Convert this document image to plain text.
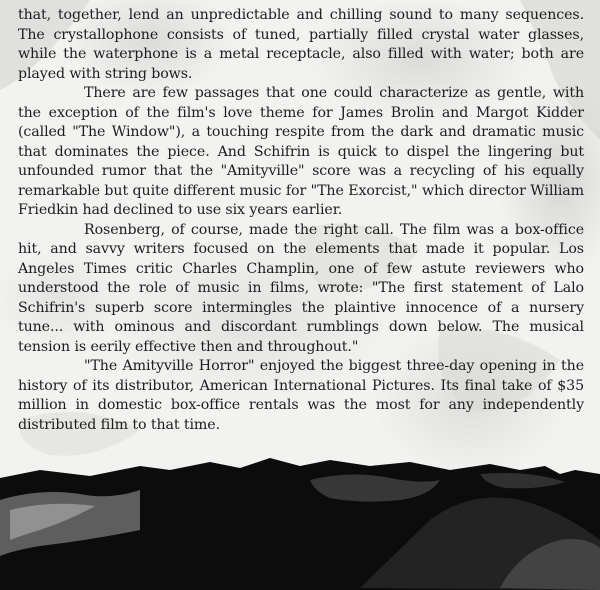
that, together, lend an unpredictable and chilling sound to many sequences. The crystallophone consists of tuned, partially filled crystal water glasses, while the waterphone is a metal receptacle, also filled with water; both are played with string bows.

There are few passages that one could characterize as gentle, with the exception of the film's love theme for James Brolin and Margot Kidder (called "The Window"), a touching respite from the dark and dramatic music that dominates the piece. And Schifrin is quick to dispel the lingering but unfounded rumor that the "Amityville" score was a recycling of his equally remarkable but quite different music for "The Exorcist," which director William Friedkin had declined to use six years earlier.

Rosenberg, of course, made the right call. The film was a box-office hit, and savvy writers focused on the elements that made it popular. Los Angeles Times critic Charles Champlin, one of few astute reviewers who understood the role of music in films, wrote: "The first statement of Lalo Schifrin's superb score intermingles the plaintive innocence of a nursery tune... with ominous and discordant rumblings down below. The musical tension is eerily effective then and throughout."

"The Amityville Horror" enjoyed the biggest three-day opening in the history of its distributor, American International Pictures. Its final take of $35 million in domestic box-office rentals was the most for any independently distributed film to that time.
